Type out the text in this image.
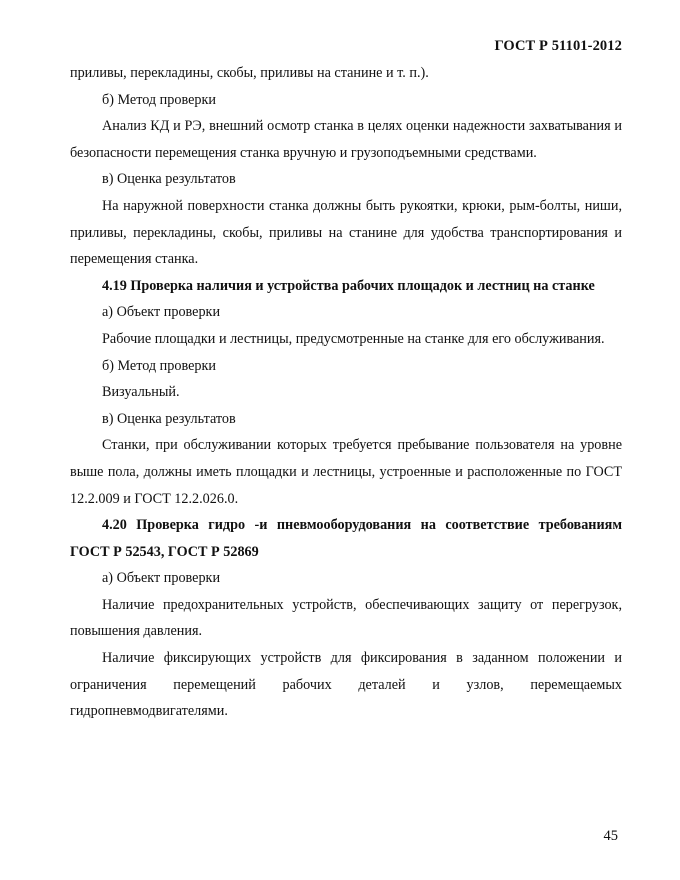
ГОСТ Р 51101-2012

приливы, перекладины, скобы, приливы на станине и т. п.).

б) Метод проверки

Анализ КД и РЭ, внешний осмотр станка в целях оценки надежности захватывания и безопасности перемещения станка вручную и грузоподъемными средствами.

в) Оценка результатов

На наружной поверхности станка должны быть рукоятки, крюки, рым-болты, ниши, приливы, перекладины, скобы, приливы на станине для удобства транспортирования и перемещения станка.

4.19 Проверка наличия и устройства рабочих площадок и лестниц на станке

а) Объект проверки

Рабочие площадки и лестницы, предусмотренные на станке для его обслуживания.

б) Метод проверки

Визуальный.

в) Оценка результатов

Станки, при обслуживании которых требуется пребывание пользователя на уровне выше пола, должны иметь площадки и лестницы, устроенные и расположенные по ГОСТ 12.2.009 и ГОСТ 12.2.026.0.

4.20 Проверка гидро -и пневмооборудования на соответствие требованиям ГОСТ Р 52543, ГОСТ Р 52869

а) Объект проверки

Наличие предохранительных устройств, обеспечивающих защиту от перегрузок, повышения давления.

Наличие фиксирующих устройств для фиксирования в заданном положении и ограничения перемещений рабочих деталей и узлов, перемещаемых гидропневмодвигателями.

45
